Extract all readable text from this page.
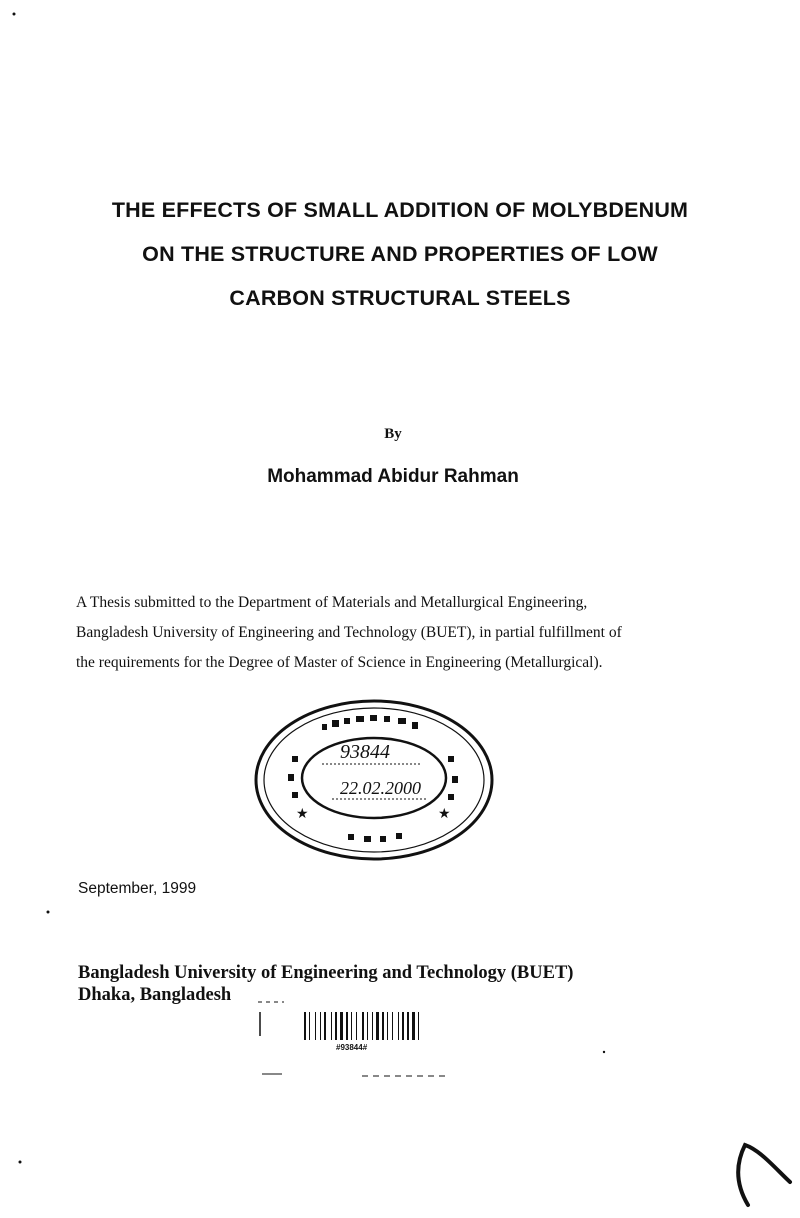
THE EFFECTS OF SMALL ADDITION OF MOLYBDENUM
ON THE STRUCTURE AND PROPERTIES OF LOW
CARBON STRUCTURAL STEELS
By
Mohammad Abidur Rahman
A Thesis submitted to the Department of Materials and Metallurgical Engineering,
Bangladesh University of Engineering and Technology (BUET), in partial fulfillment of
the requirements for the Degree of Master of Science in Engineering (Metallurgical).
★	★
93844
22.02.2000
September, 1999
Bangladesh University of Engineering and Technology (BUET)
Dhaka, Bangladesh
#93844#
